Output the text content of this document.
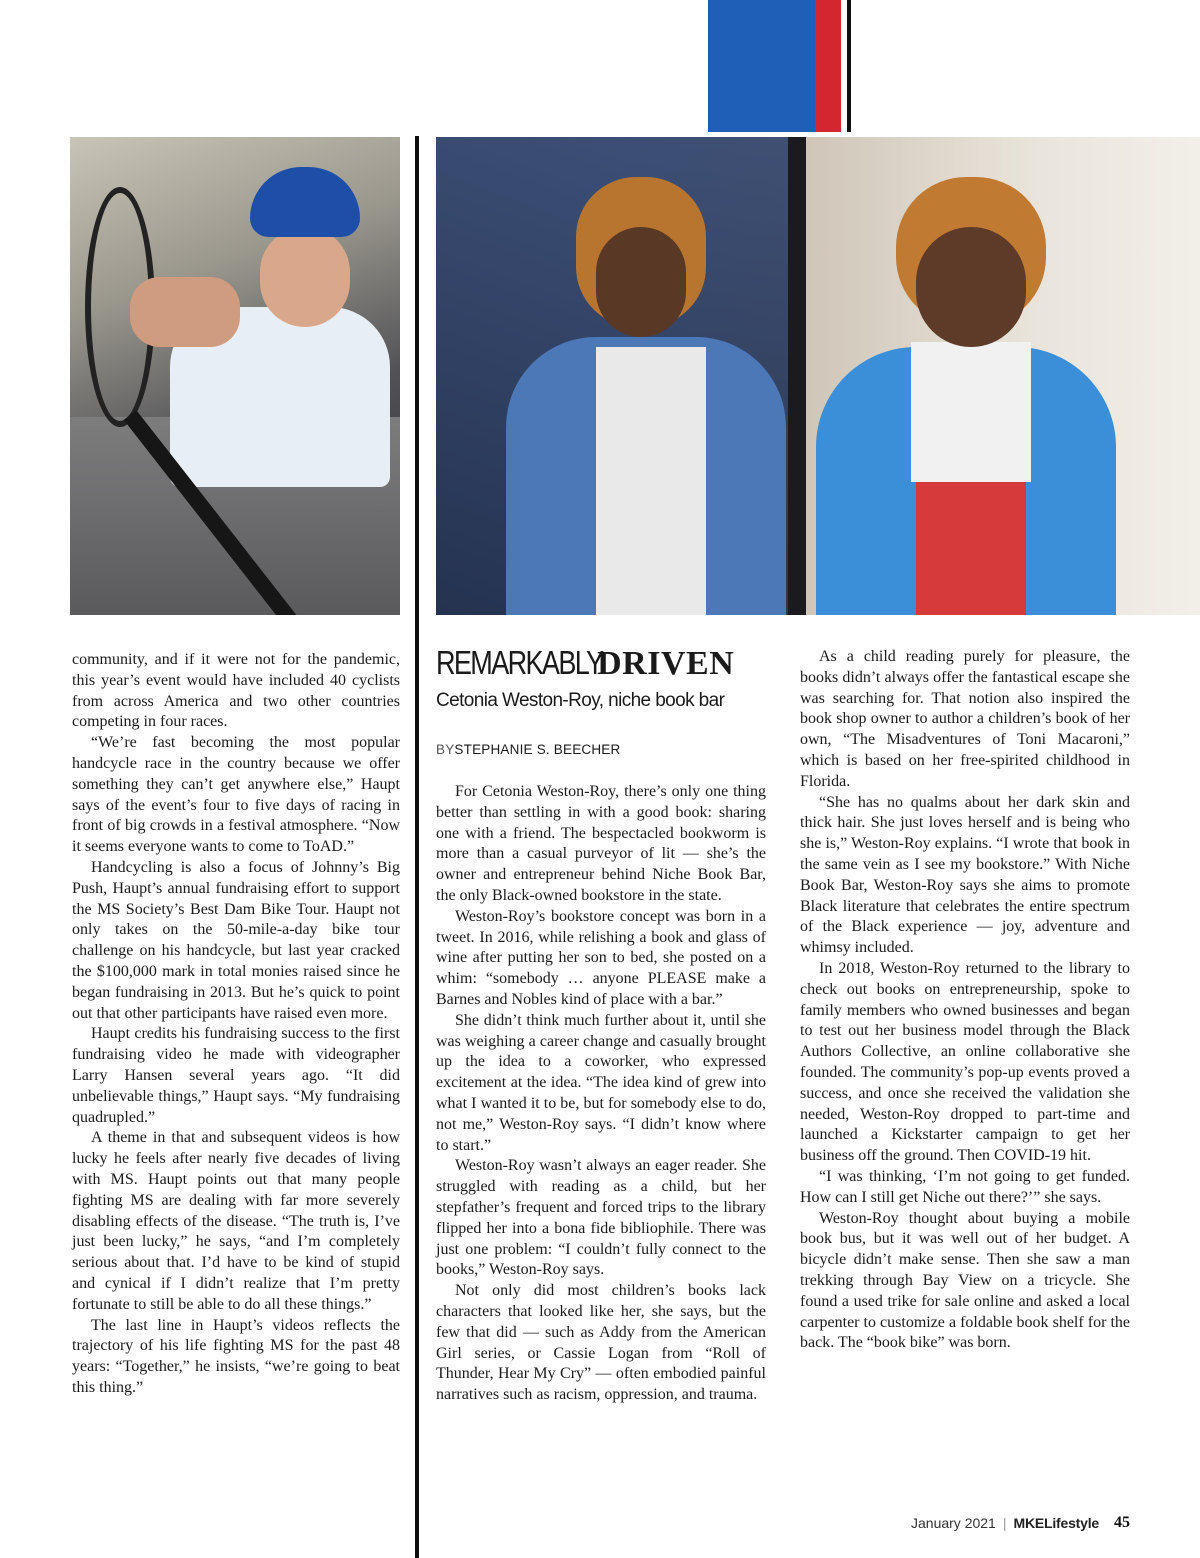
community, and if it were not for the pandemic, this year’s event would have included 40 cyclists from across America and two other countries competing in four races.

“We’re fast becoming the most popular handcycle race in the country because we offer something they can’t get anywhere else,” Haupt says of the event’s four to five days of racing in front of big crowds in a festival atmosphere. “Now it seems everyone wants to come to ToAD.”

Handcycling is also a focus of Johnny’s Big Push, Haupt’s annual fundraising effort to support the MS Society’s Best Dam Bike Tour. Haupt not only takes on the 50-mile-a-day bike tour challenge on his handcycle, but last year cracked the $100,000 mark in total monies raised since he began fundraising in 2013. But he’s quick to point out that other participants have raised even more.

Haupt credits his fundraising success to the first fundraising video he made with videographer Larry Hansen several years ago. “It did unbelievable things,” Haupt says. “My fundraising quadrupled.”

A theme in that and subsequent videos is how lucky he feels after nearly five decades of living with MS. Haupt points out that many people fighting MS are dealing with far more severely disabling effects of the disease. “The truth is, I’ve just been lucky,” he says, “and I’m completely serious about that. I’d have to be kind of stupid and cynical if I didn’t realize that I’m pretty fortunate to still be able to do all these things.”

The last line in Haupt’s videos reflects the trajectory of his life fighting MS for the past 48 years: “Together,” he insists, “we’re going to beat this thing.”

REMARKABLY
DRIVEN
Cetonia Weston-Roy, niche book bar
BYSTEPHANIE S. BEECHER

For Cetonia Weston-Roy, there’s only one thing better than settling in with a good book: sharing one with a friend. The bespectacled bookworm is more than a casual purveyor of lit — she’s the owner and entrepreneur behind Niche Book Bar, the only Black-owned bookstore in the state.

Weston-Roy’s bookstore concept was born in a tweet. In 2016, while relishing a book and glass of wine after putting her son to bed, she posted on a whim: “somebody … anyone PLEASE make a Barnes and Nobles kind of place with a bar.”

She didn’t think much further about it, until she was weighing a career change and casually brought up the idea to a coworker, who expressed excitement at the idea. “The idea kind of grew into what I wanted it to be, but for somebody else to do, not me,” Weston-Roy says. “I didn’t know where to start.”

Weston-Roy wasn’t always an eager reader. She struggled with reading as a child, but her stepfather’s frequent and forced trips to the library flipped her into a bona fide bibliophile. There was just one problem: “I couldn’t fully connect to the books,” Weston-Roy says.

Not only did most children’s books lack characters that looked like her, she says, but the few that did — such as Addy from the American Girl series, or Cassie Logan from “Roll of Thunder, Hear My Cry” — often embodied painful narratives such as racism, oppression, and trauma.

As a child reading purely for pleasure, the books didn’t always offer the fantastical escape she was searching for. That notion also inspired the book shop owner to author a children’s book of her own, “The Misadventures of Toni Macaroni,” which is based on her free-spirited childhood in Florida.

“She has no qualms about her dark skin and thick hair. She just loves herself and is being who she is,” Weston-Roy explains. “I wrote that book in the same vein as I see my bookstore.” With Niche Book Bar, Weston-Roy says she aims to promote Black literature that celebrates the entire spectrum of the Black experience — joy, adventure and whimsy included.

In 2018, Weston-Roy returned to the library to check out books on entrepreneurship, spoke to family members who owned businesses and began to test out her business model through the Black Authors Collective, an online collaborative she founded. The community’s pop-up events proved a success, and once she received the validation she needed, Weston-Roy dropped to part-time and launched a Kickstarter campaign to get her business off the ground. Then COVID-19 hit.

“I was thinking, ‘I’m not going to get funded. How can I still get Niche out there?’” she says.

Weston-Roy thought about buying a mobile book bus, but it was well out of her budget. A bicycle didn’t make sense. Then she saw a man trekking through Bay View on a tricycle. She found a used trike for sale online and asked a local carpenter to customize a foldable book shelf for the back. The “book bike” was born.

January 2021 | MKELifestyle 45
